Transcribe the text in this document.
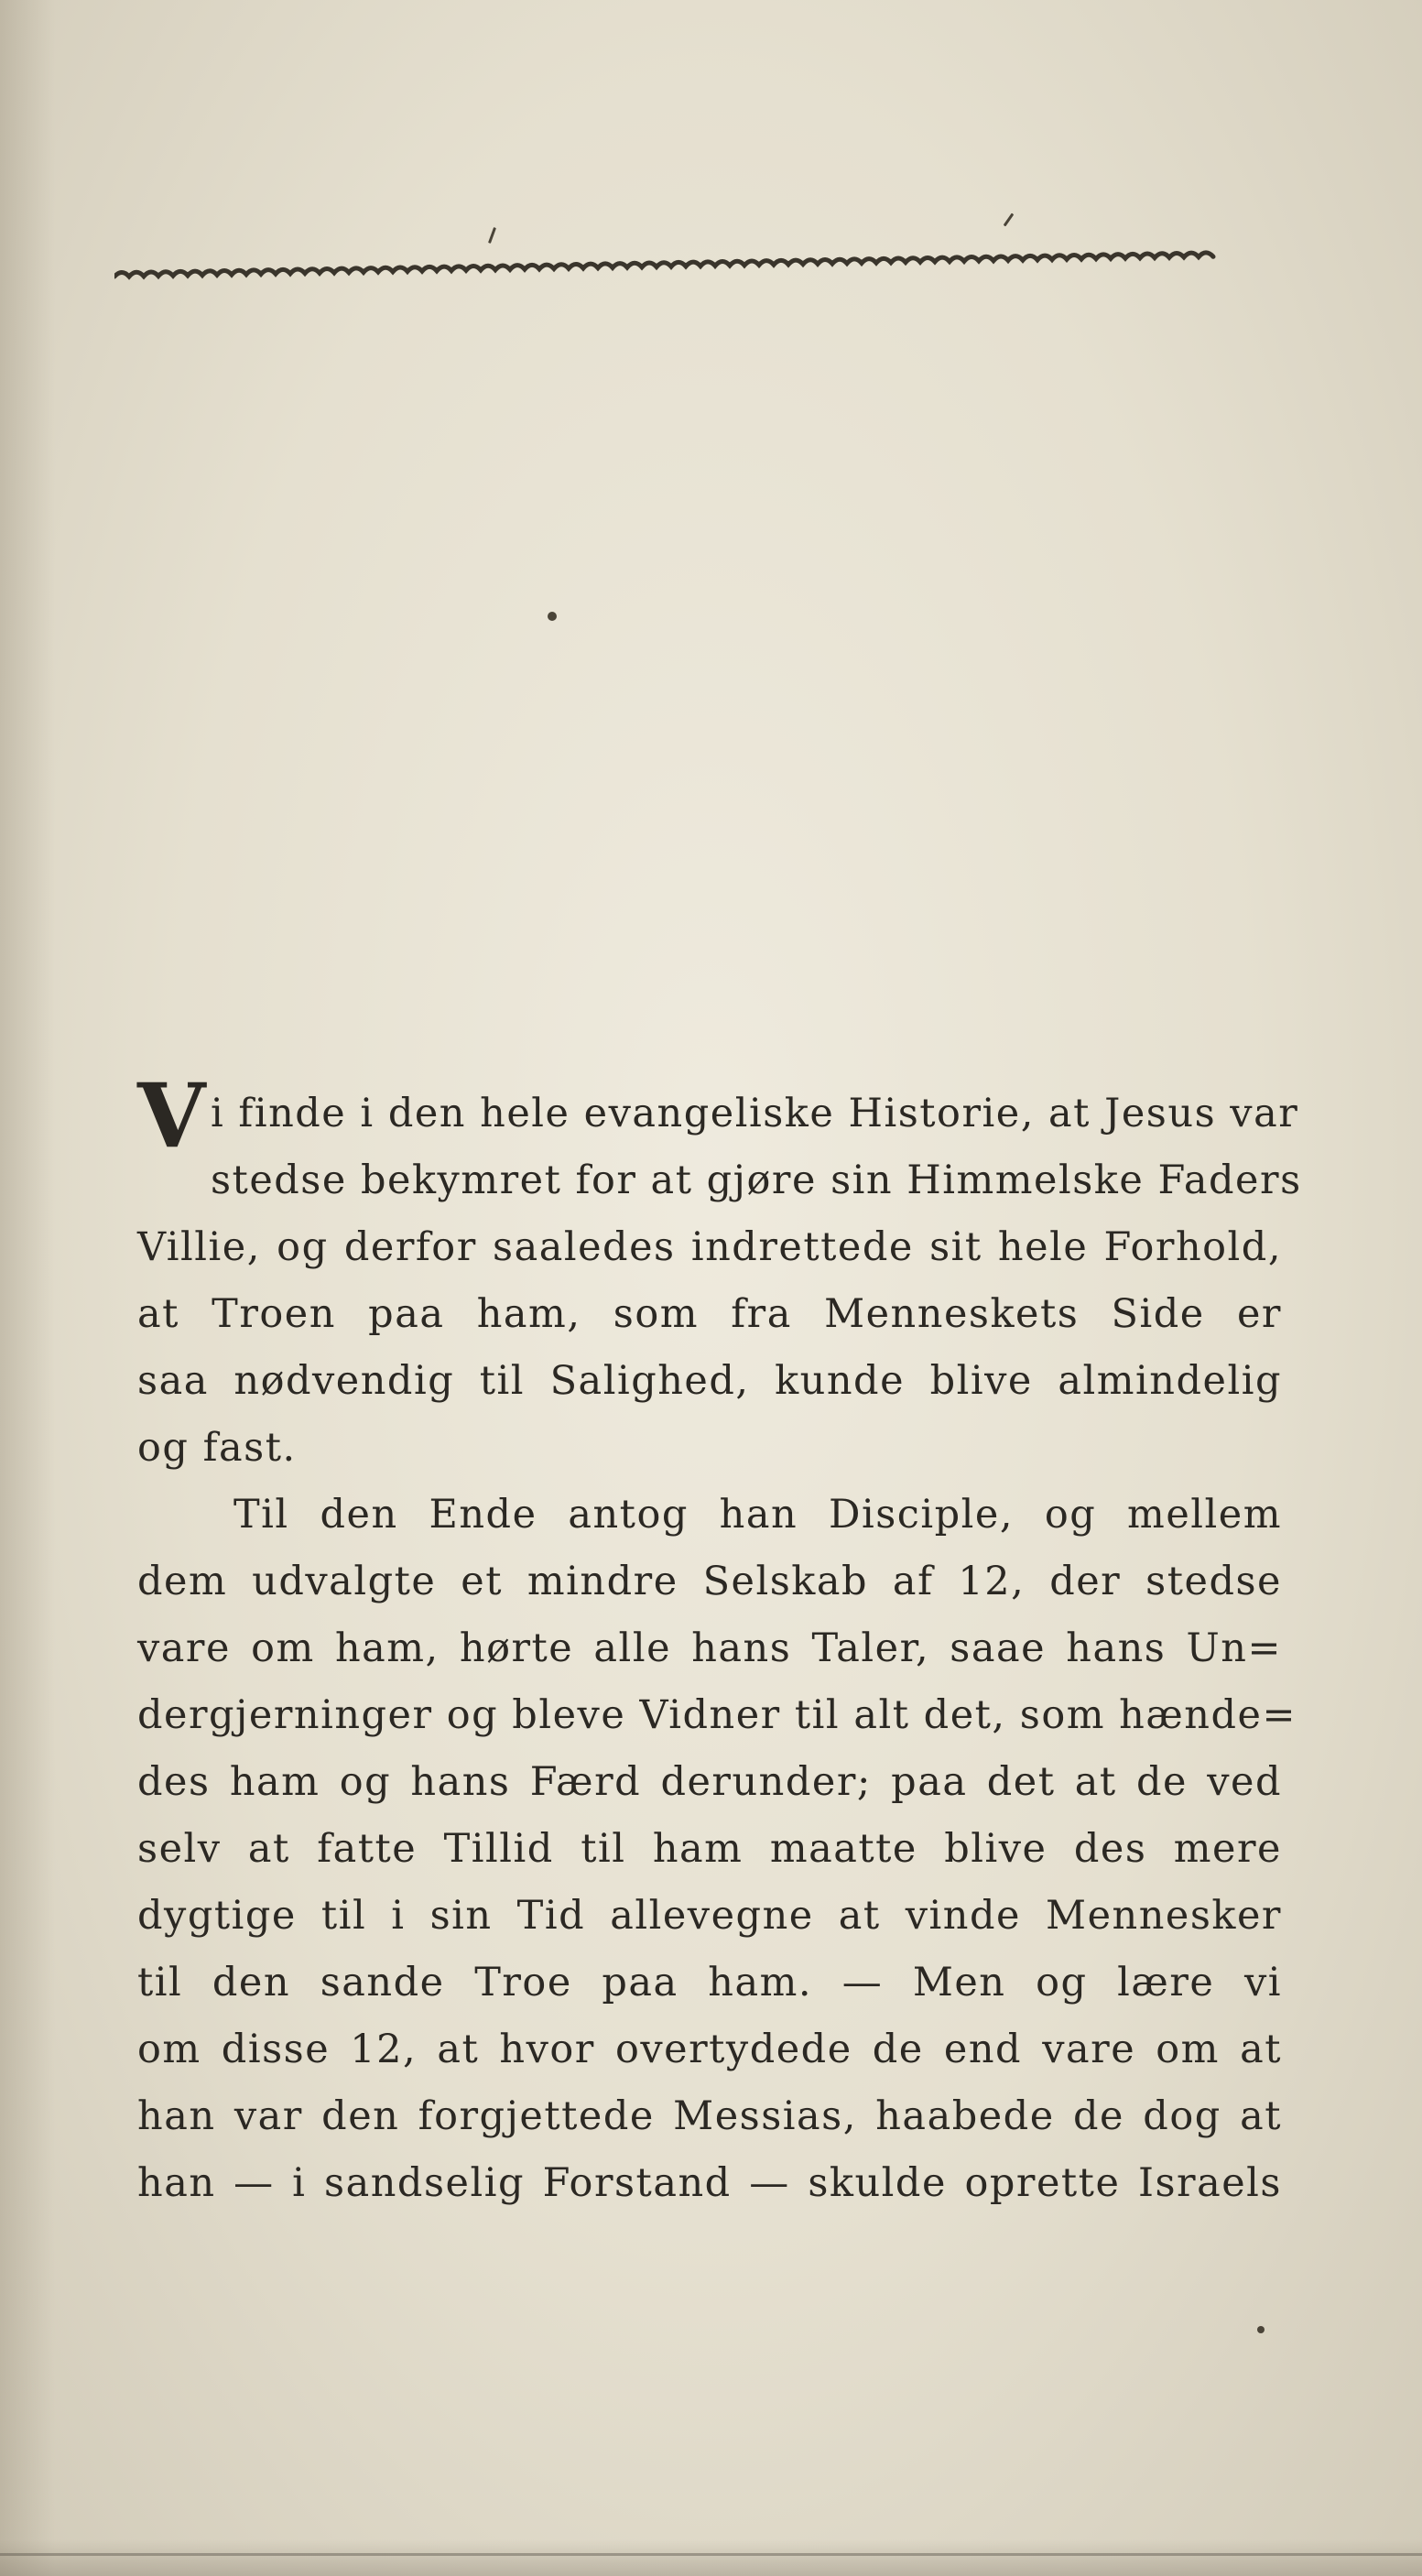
Vi finde i den hele evangeliske Historie, at Jesus var
stedse bekymret for at gjøre sin Himmelske Faders
Villie, og derfor saaledes indrettede sit hele Forhold,
at Troen paa ham, som fra Menneskets Side er
saa nødvendig til Salighed, kunde blive almindelig
og fast.
Til den Ende antog han Disciple, og mellem
dem udvalgte et mindre Selskab af 12, der stedse
vare om ham, hørte alle hans Taler, saae hans Un=
dergjerninger og bleve Vidner til alt det, som hænde=
des ham og hans Færd derunder; paa det at de ved
selv at fatte Tillid til ham maatte blive des mere
dygtige til i sin Tid allevegne at vinde Mennesker
til den sande Troe paa ham. — Men og lære vi
om disse 12, at hvor overtydede de end vare om at
han var den forgjettede Messias, haabede de dog at
han — i sandselig Forstand — skulde oprette Israels
